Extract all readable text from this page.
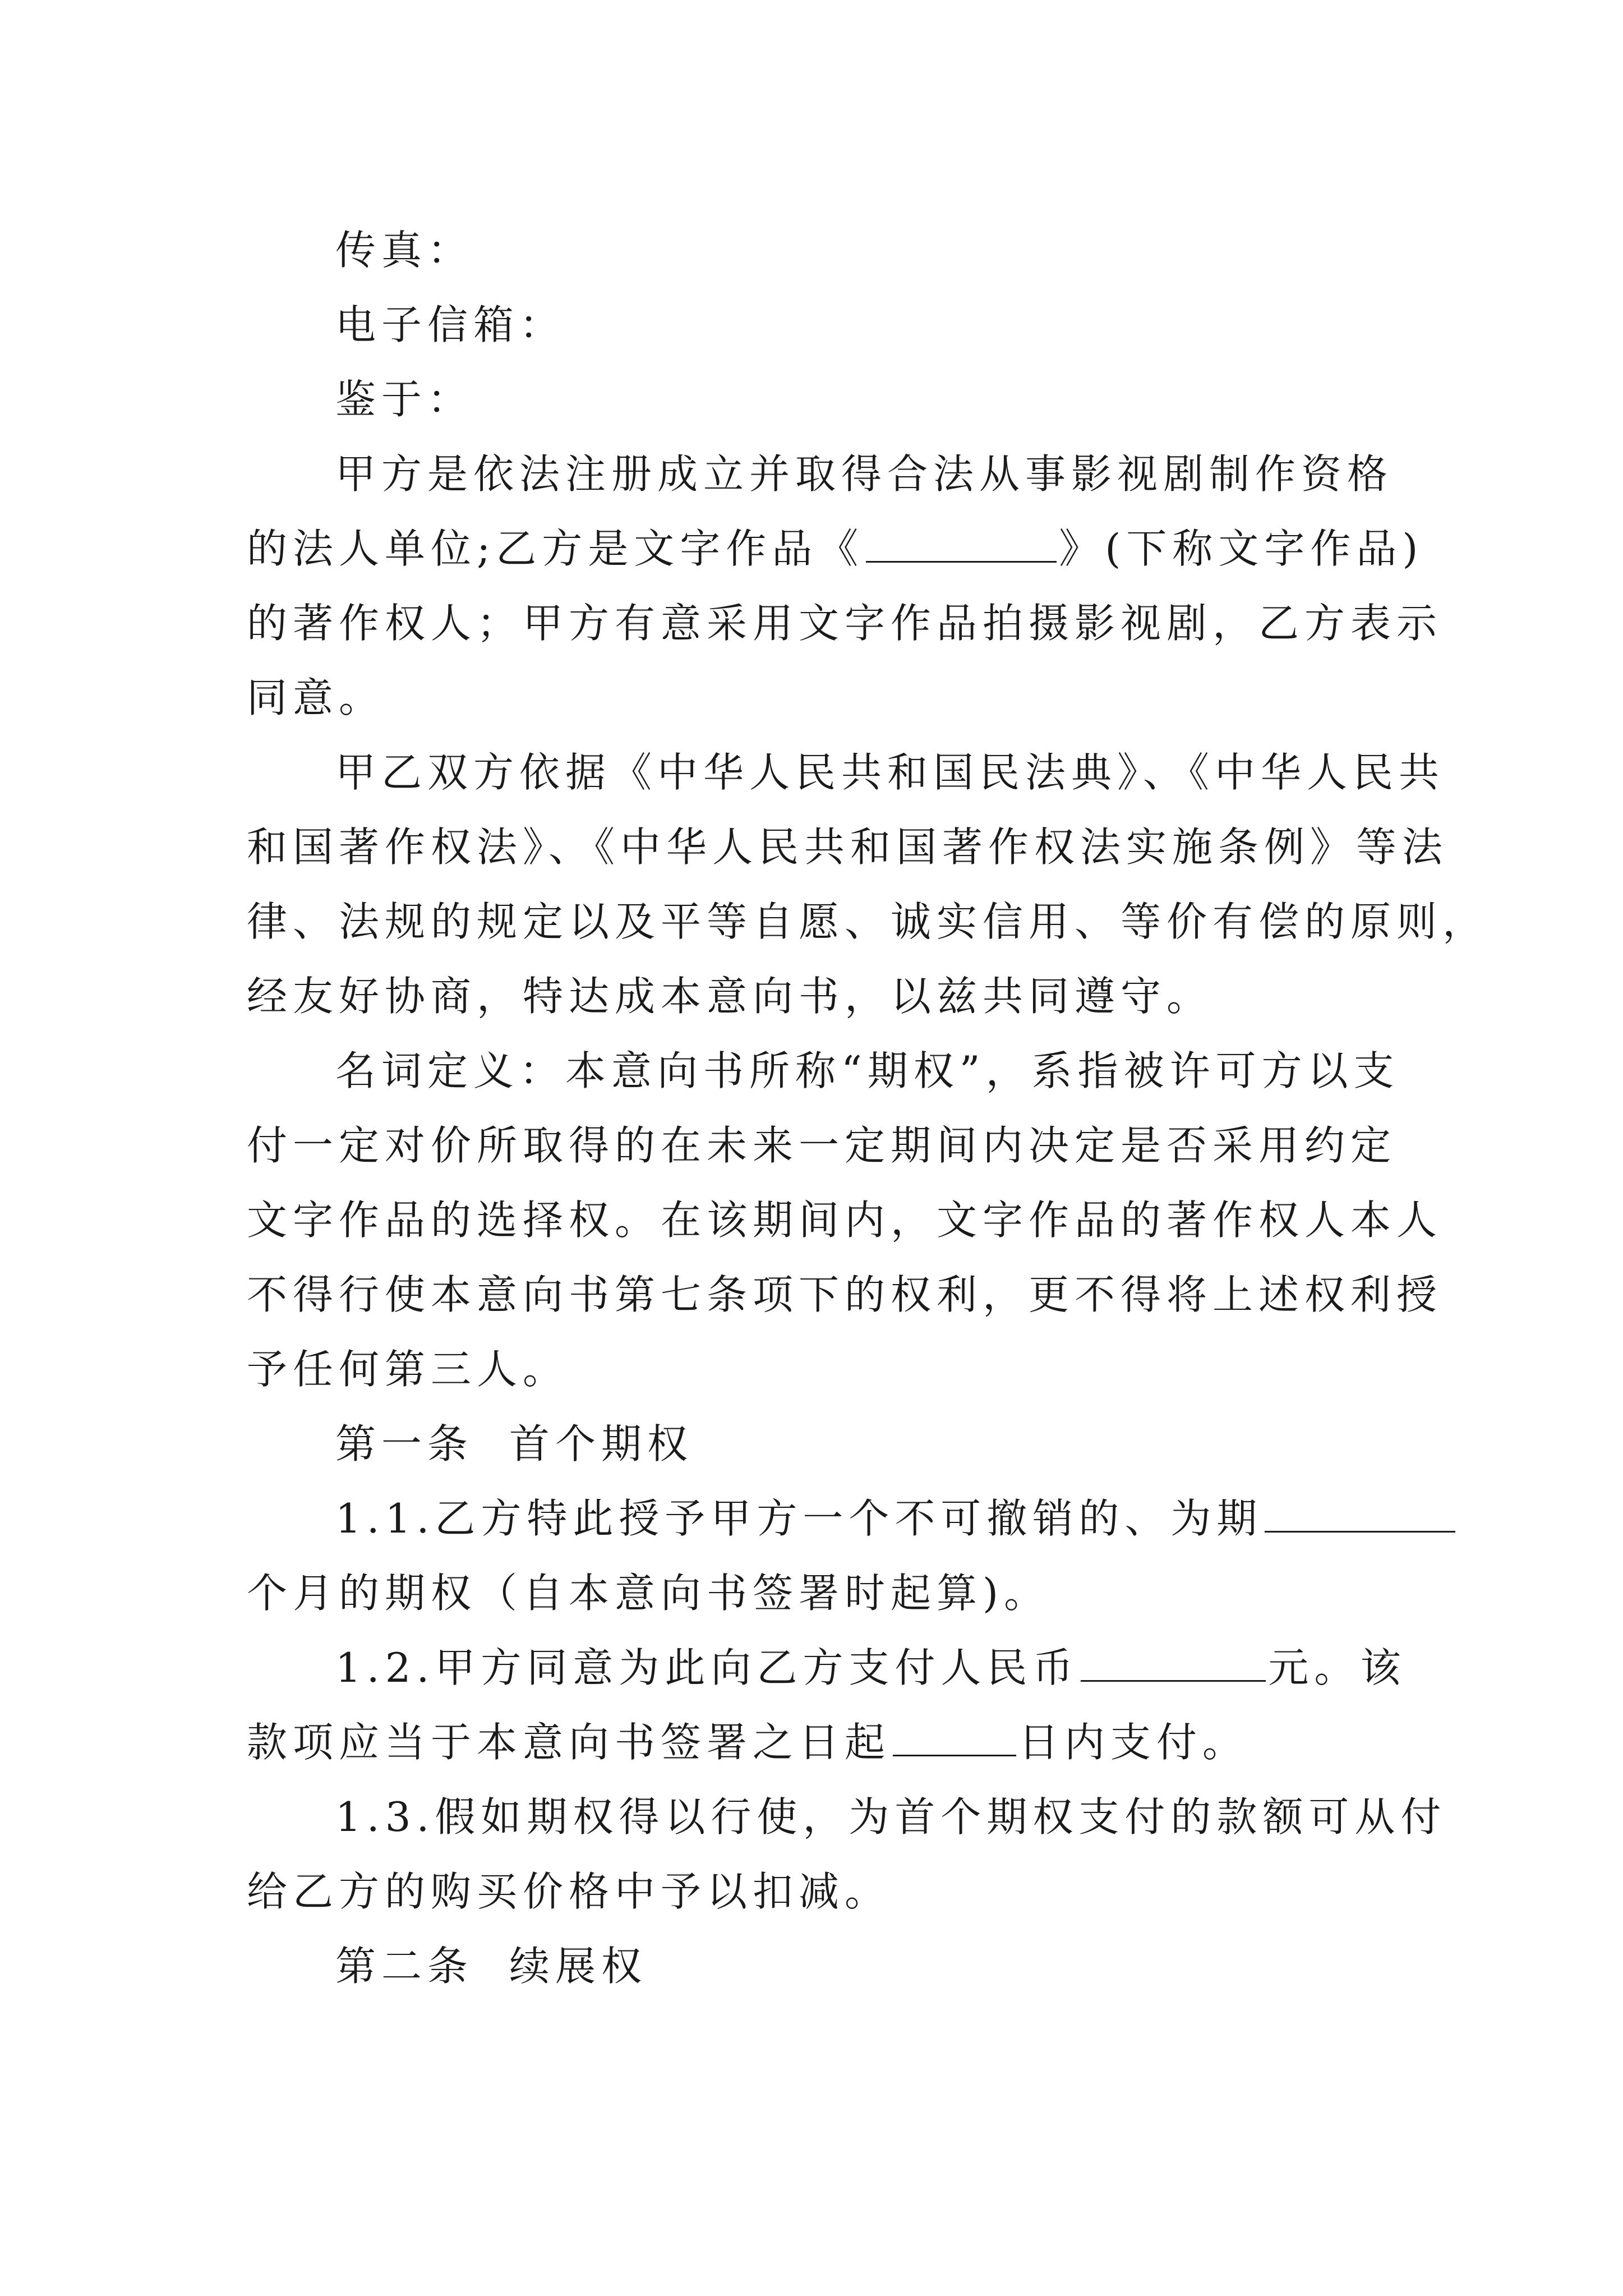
传真：
电子信箱：
鉴于：
甲方是依法注册成立并取得合法从事影视剧制作资格
的法人单位;乙方是文字作品《	》(下称文字作品)
的著作权人；甲方有意采用文字作品拍摄影视剧，乙方表示
同意。
甲乙双方依据《中华人民共和国民法典》、《中华人民共
和国著作权法》、《中华人民共和国著作权法实施条例》等法
律、法规的规定以及平等自愿、诚实信用、等价有偿的原则，
经友好协商，特达成本意向书，以兹共同遵守。
名词定义：本意向书所称“期权”，系指被许可方以支
付一定对价所取得的在未来一定期间内决定是否采用约定
文字作品的选择权。在该期间内，文字作品的著作权人本人
不得行使本意向书第七条项下的权利，更不得将上述权利授
予任何第三人。
第一条 首个期权
1.1.乙方特此授予甲方一个不可撤销的、为期
个月的期权（自本意向书签署时起算)。
1.2.甲方同意为此向乙方支付人民币	元。该
款项应当于本意向书签署之日起	日内支付。
1.3.假如期权得以行使，为首个期权支付的款额可从付
给乙方的购买价格中予以扣减。
第二条 续展权
